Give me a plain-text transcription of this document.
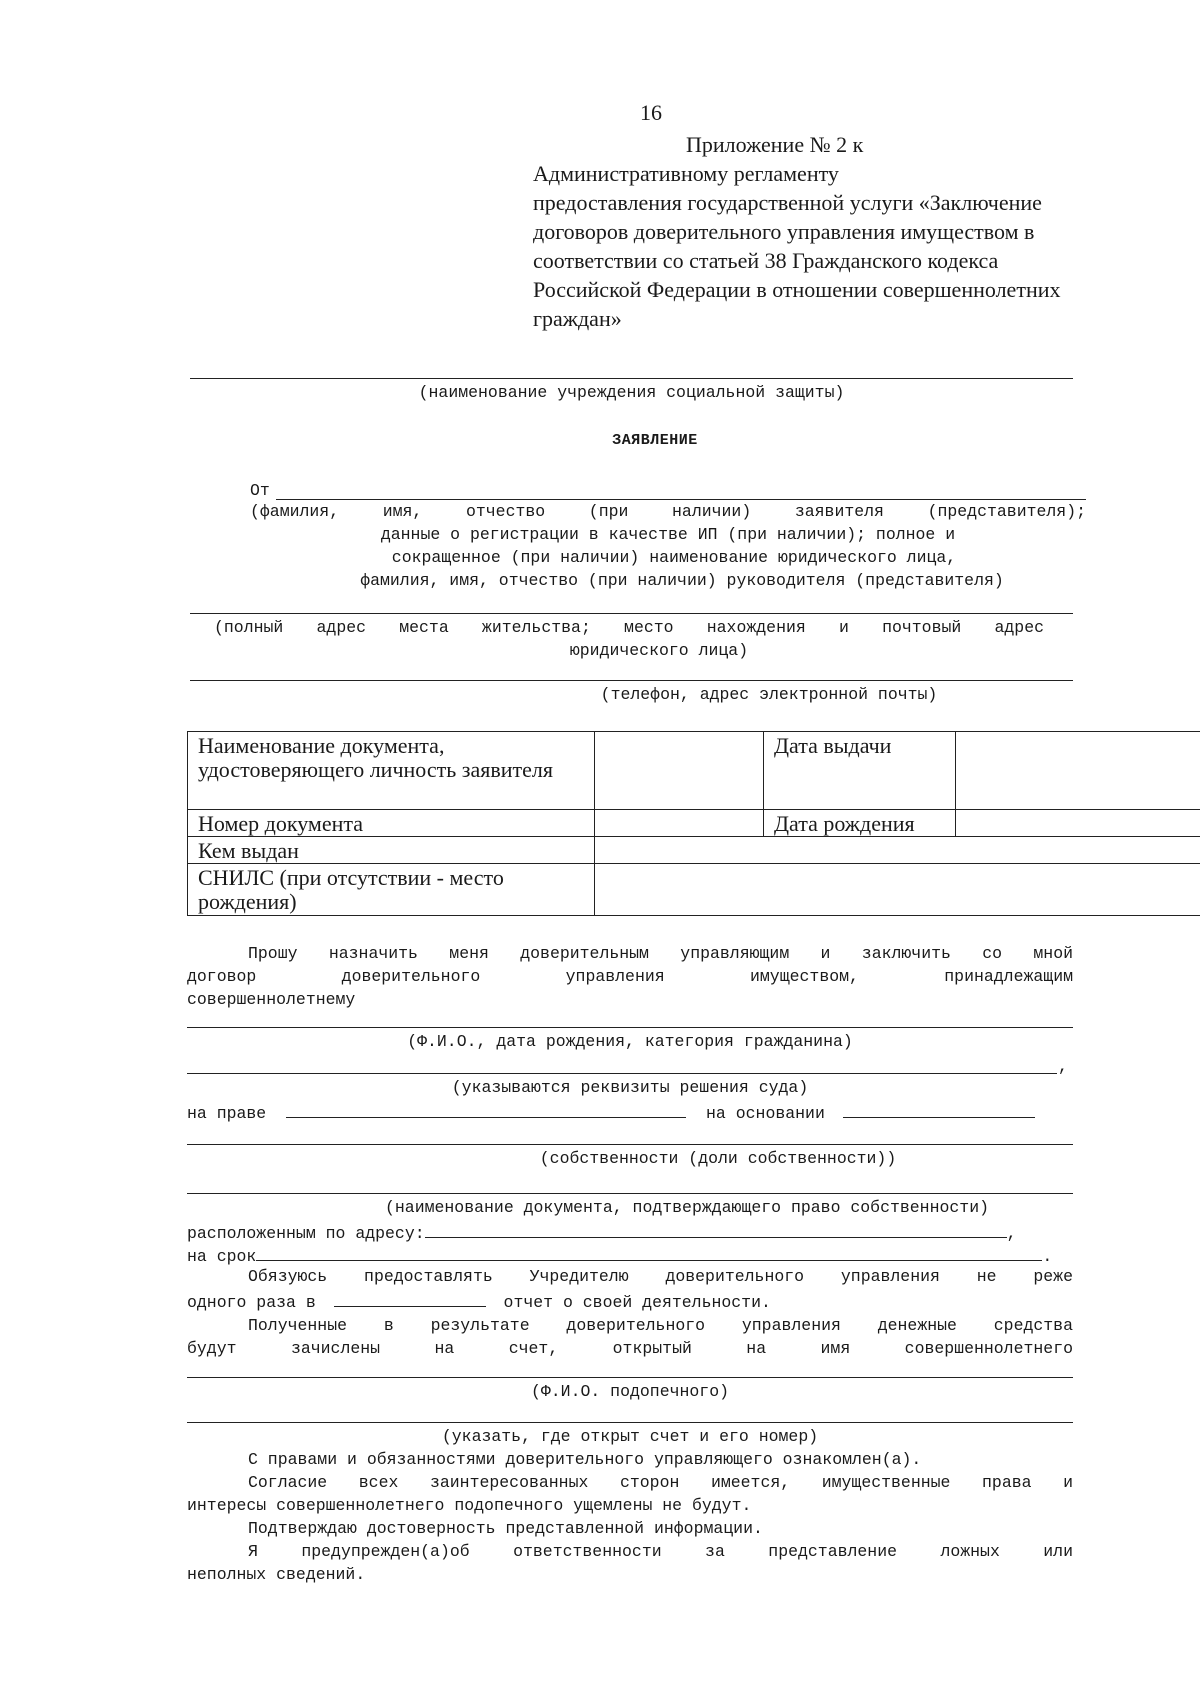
16
Приложение № 2 к
Административному регламенту
предоставления государственной услуги «Заключение
договоров доверительного управления имуществом в
соответствии со статьей 38 Гражданского кодекса
Российской Федерации в отношении совершеннолетних
граждан»
(наименование учреждения социальной защиты)
ЗАЯВЛЕНИЕ
От
(фамилия, имя, отчество (при наличии) заявителя (представителя);
данные о регистрации в качестве ИП (при наличии); полное и
сокращенное (при наличии) наименование юридического лица,
фамилия, имя, отчество (при наличии) руководителя (представителя)
(полный адрес места жительства; место нахождения и почтовый адрес
юридического лица)
(телефон, адрес электронной почты)
Наименование документа, удостоверяющего личность заявителя		Дата выдачи	
Номер документа		Дата рождения	
Кем выдан			
СНИЛС (при отсутствии - место рождения)			
Прошу назначить меня доверительным управляющим и заключить со мной
договор доверительного управления имуществом, принадлежащим
совершеннолетнему
(Ф.И.О., дата рождения, категория гражданина)
,
(указываются реквизиты решения суда)
на праве	на основании
(собственности (доли собственности))
(наименование документа, подтверждающего право собственности)
расположенным по адресу:	,
на срок	.
Обязуюсь предоставлять Учредителю доверительного управления не реже
одного раза в	отчет о своей деятельности.
Полученные в результате доверительного управления денежные средства
будут зачислены на счет, открытый на имя совершеннолетнего
(Ф.И.О. подопечного)
(указать, где открыт счет и его номер)
С правами и обязанностями доверительного управляющего ознакомлен(а).
Согласие всех заинтересованных сторон имеется, имущественные права и
интересы совершеннолетнего подопечного ущемлены не будут.
Подтверждаю достоверность представленной информации.
Я предупрежден(а)об ответственности за представление ложных или
неполных сведений.
